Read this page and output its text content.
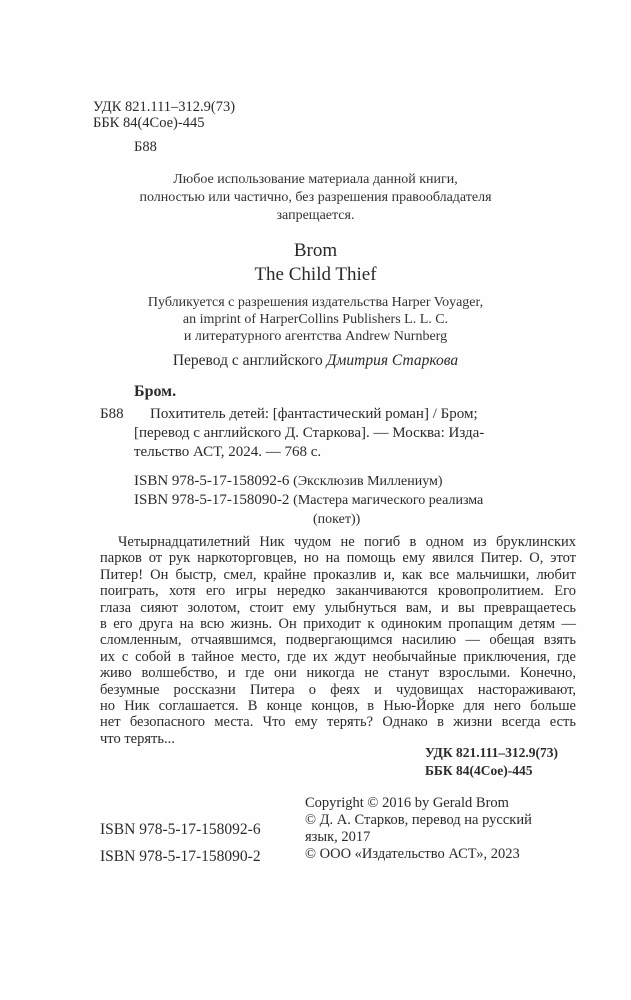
УДК 821.111–312.9(73)
ББК 84(4Сое)-445
Б88
Любое использование материала данной книги,
полностью или частично, без разрешения правообладателя
запрещается.
Brom
The Child Thief
Публикуется с разрешения издательства Harper Voyager,
an imprint of HarperCollins Publishers L. L. C.
и литературного агентства Andrew Nurnberg
Перевод с английского Дмитрия Старкова
Бром.
Б88	Похититель детей: [фантастический роман] / Бром;
[перевод с английского Д. Старкова]. — Москва: Изда-
тельство АСТ, 2024. — 768 с.
ISBN 978-5-17-158092-6 (Эксклюзив Миллениум)
ISBN 978-5-17-158090-2 (Мастера магического реализма
(покет))
Четырнадцатилетний Ник чудом не погиб в одном из бруклинских
парков от рук наркоторговцев, но на помощь ему явился Питер. О, этот
Питер! Он быстр, смел, крайне проказлив и, как все мальчишки, любит
поиграть, хотя его игры нередко заканчиваются кровопролитием. Его
глаза сияют золотом, стоит ему улыбнуться вам, и вы превращаетесь
в его друга на всю жизнь. Он приходит к одиноким пропащим детям —
сломленным, отчаявшимся, подвергающимся насилию — обещая взять
их с собой в тайное место, где их ждут необычайные приключения, где
живо волшебство, и где они никогда не станут взрослыми. Конечно,
безумные россказни Питера о феях и чудовищах настораживают,
но Ник соглашается. В конце концов, в Нью-Йорке для него больше
нет безопасного места. Что ему терять? Однако в жизни всегда есть
что терять...
УДК 821.111–312.9(73)
ББК 84(4Сое)-445
Copyright © 2016 by Gerald Brom
© Д. А. Старков, перевод на русский
язык, 2017
© ООО «Издательство АСТ», 2023
ISBN 978-5-17-158092-6
ISBN 978-5-17-158090-2
